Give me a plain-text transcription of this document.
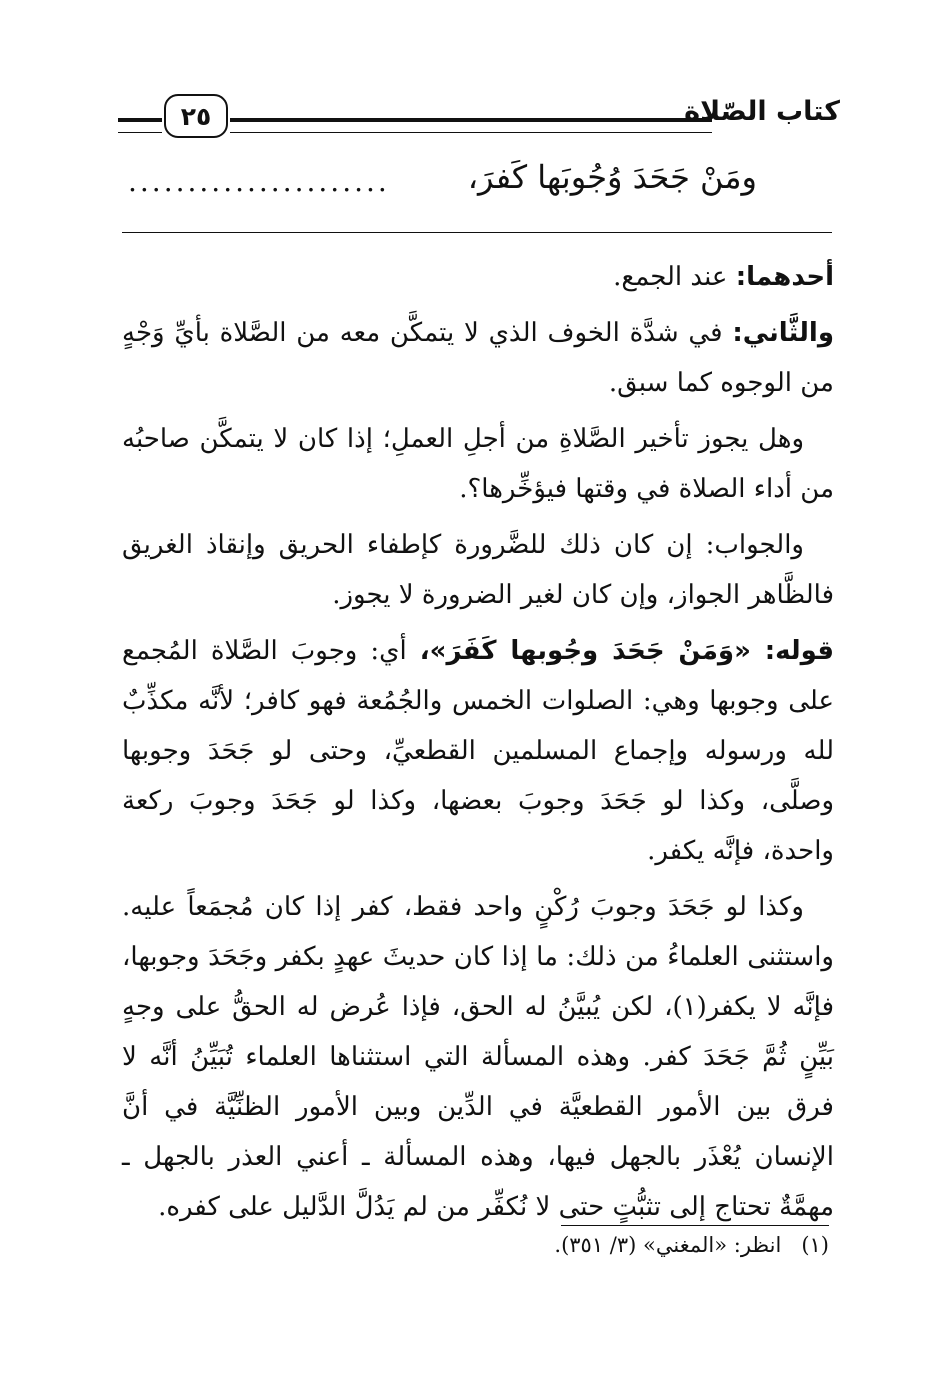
كتاب الصّلاة
٢٥
ومَنْ جَحَدَ وُجُوبَها كَفرَ،
......................

أحدهما: عند الجمع.

والثَّاني: في شدَّة الخوف الذي لا يتمكَّن معه من الصَّلاة بأيِّ وَجْهٍ من الوجوه كما سبق.

وهل يجوز تأخير الصَّلاةِ من أجلِ العملِ؛ إذا كان لا يتمكَّن صاحبُه من أداء الصلاة في وقتها فيؤخِّرها؟.

والجواب: إن كان ذلك للضَّرورة كإطفاء الحريق وإنقاذ الغريق فالظَّاهر الجواز، وإن كان لغير الضرورة لا يجوز.

قوله: «وَمَنْ جَحَدَ وجُوبها كَفَرَ»، أي: وجوبَ الصَّلاة المُجمع على وجوبها وهي: الصلوات الخمس والجُمُعة فهو كافر؛ لأنَّه مكذِّبٌ لله ورسوله وإجماع المسلمين القطعيِّ، وحتى لو جَحَدَ وجوبها وصلَّى، وكذا لو جَحَدَ وجوبَ بعضها، وكذا لو جَحَدَ وجوبَ ركعة واحدة، فإنَّه يكفر.

وكذا لو جَحَدَ وجوبَ رُكْنٍ واحد فقط، كفر إذا كان مُجمَعاً عليه. واستثنى العلماءُ من ذلك: ما إذا كان حديثَ عهدٍ بكفر وجَحَدَ وجوبها، فإنَّه لا يكفر(١)، لكن يُبيَّنُ له الحق، فإذا عُرض له الحقُّ على وجهٍ بَيِّنٍ ثُمَّ جَحَدَ كفر. وهذه المسألة التي استثناها العلماء تُبَيِّنُ أنَّه لا فرق بين الأمور القطعيَّة في الدِّين وبين الأمور الظنِّيَّة في أنَّ الإنسان يُعْذَر بالجهل فيها، وهذه المسألة ـ أعني العذر بالجهل ـ مهمَّةٌ تحتاج إلى تثبُّتٍ حتى لا نُكفِّر من لم يَدُلَّ الدَّليل على كفره.

(١)انظر: «المغني» (٣/ ٣٥١).
